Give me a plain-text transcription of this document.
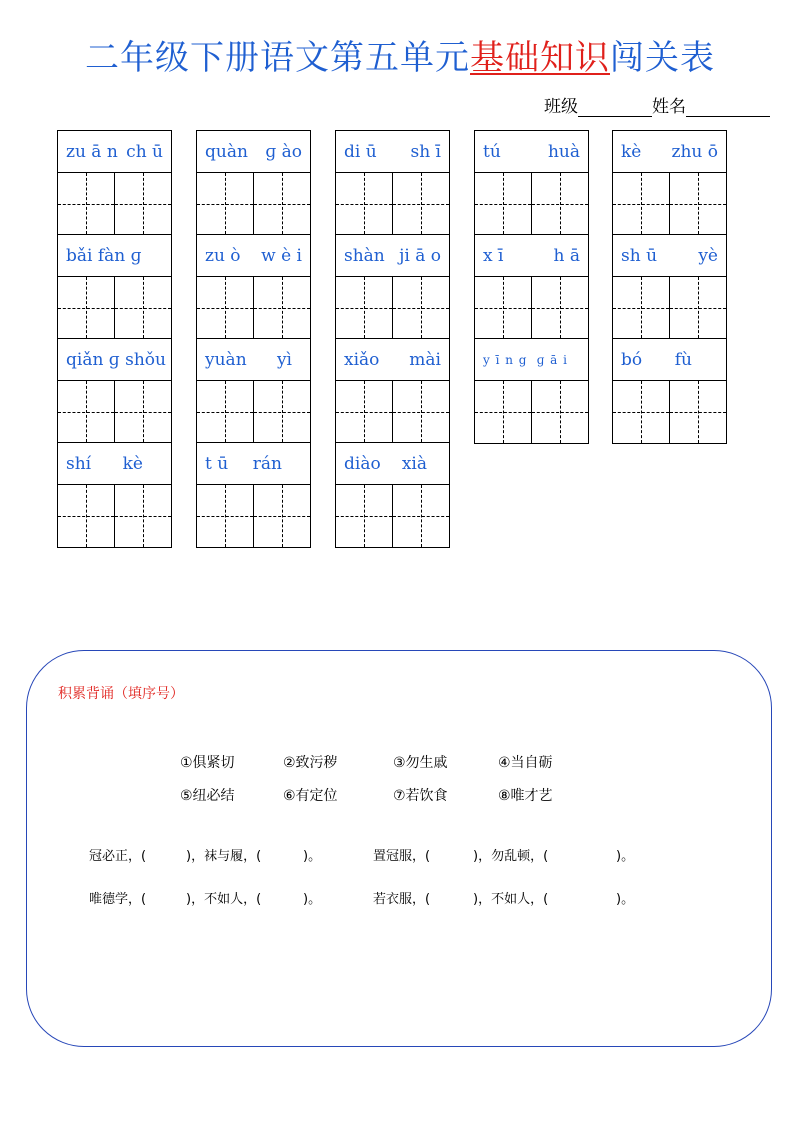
二年级下册语文第五单元基础知识闯关表
班级	姓名
zu ā n ch ū
bǎi fàn ɡ
qiǎn ɡ shǒu
shí kè
quàn ɡ ào
zu ò w è i
yuàn yì
t ū rán
di ū sh ī
shàn ji ā o
xiǎo mài
diào xià
tú	huà
x ī	h ā
y ī n g ɡ ā i
kè zhu ō
sh ū yè
bó fù
积累背诵（填序号）
①俱紧切	②致污秽	③勿生戚	④当自砺
⑤纽必结	⑥有定位	⑦若饮食	⑧唯才艺
冠必正，(	)，袜与履，(	)。	置冠服，(	)，勿乱顿，(	)。
唯德学，(	)，不如人，(	)。	若衣服，(	)，不如人，(	)。
